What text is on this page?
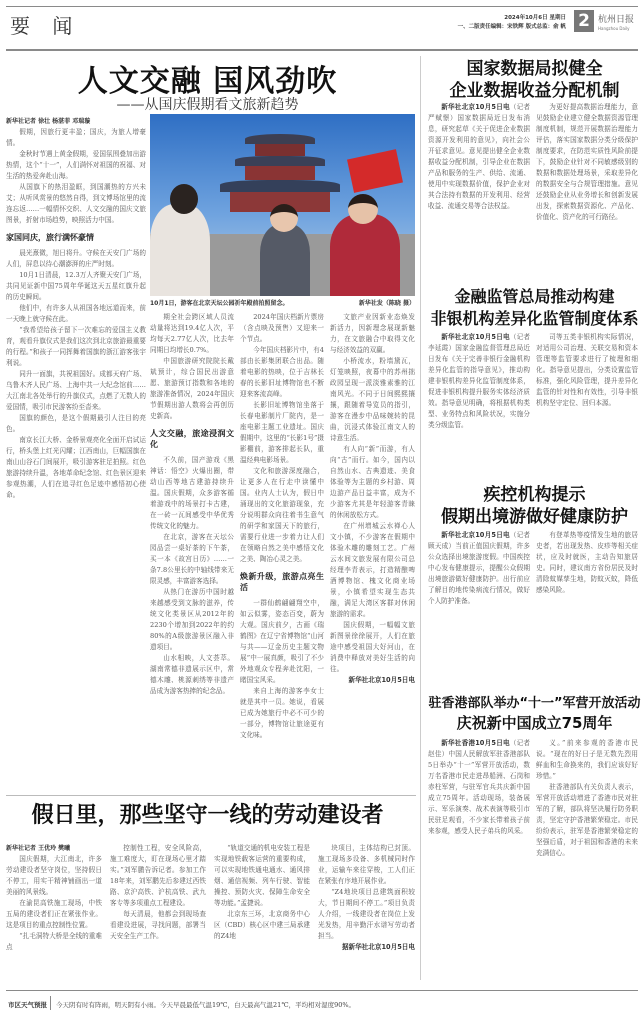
要 闻	2024年10月6日 星期日
一、二版责任编辑：宋铁辉 版式总监：俞 帆 2 杭州日报
Hangzhou Daily
人文交融 国风劲吹
——从国庆假期看文旅新趋势

新华社记者 徐壮 杨湛菲 邓瑞璇

假期，因旅行更丰盈；国庆，为旅人增豪情。

金秋时节遇上黄金假期，爱国氛围叠加出游热情，这个“十一”，人们满怀对祖国的祝福、对生活的热爱奔赴山海。

从国旗下的热泪盈眶，到国潮热的方兴未艾；从听风赏景的悠然自得，到文博场馆里的流连忘返……一幅情怀交织、人文交融的国庆文旅图景，折射市场趋势，映照活力中国。

家国同庆，旅行满怀豪情

晨光熹微，旭日将升。守候在天安门广场的人们，屏息以待心潮澎湃的庄严时刻。

10月1日清晨，12.3万人齐聚天安门广场，共同见证新中国75周年华诞这天五星红旗升起的历史瞬间。

他们中，有许多人从祖国各地远道而来，前一天晚上就守候在此。

“我希望给孩子留下一次难忘的爱国主义教育，观看升旗仪式是我们这次到北京旅游最重要的行程。”和孩子一同挥舞着国旗的浙江游客张宇利说。

同升一面旗，共祝祖国好。成都天府广场、乌鲁木齐人民广场、上海中共一大纪念馆前……大江南北各处举行的升旗仪式，点燃了无数人的爱国情，吸引市民游客纷至沓来。

国旗的颜色，是这个假期最引人注目的亮色。

南京长江大桥、金桥景观亮化全面开启试运行，桥头堡上红光闪耀；江西南山，巨幅国旗在南山山谷石门间展开，吸引游客驻足拍照。红色旅游持续升温，各地革命纪念馆、红色景区迎来参观热潮，人们在追寻红色足迹中感悟初心使命。

10月1日，游客在北京天坛公园祈年殿前拍照留念。	新华社发（陈晓 摄）

期全社会跨区域人员流动量将达到19.4亿人次，平均每天2.77亿人次，比去年同期日均增长0.7%。

中国旅游研究院院长戴斌预计，综合国民出游意愿、旅游预订指数和各地的旅游准备情况，2024年国庆节假期出游人数将会再创历史新高。

人文交融，旅途浸润文化

不久前，国产游戏《黑神话：悟空》火爆出圈，带动山西等地古建游持续升温。国庆假期，众多游客循着游戏中的场景打卡古建，在一砖一瓦间感受中华优秀传统文化的魅力。

在北京，游客在天坛公园品尝一桌好茶的下午茶，买一本《故宫日历》……一条7.8公里长的中轴线带来无限灵感，丰富游客选择。

从热门在游历中国时越来越感受到文脉的滋养，传统文化类景区从2012年的2230个增加到2022年的约80%的A级旅游景区融入非遗项目。

山水相映，人文荟萃。湖南常德非遗展示区中，常德木雕、桃源刺绣等非遗产品成为游客热捧的纪念品。

2024年国庆档新片票房（含点映及预售）又迎来一个节点。

今年国庆档影片中，有4部由长影集团联合出品。随着电影的热映，位于吉林长春的长影旧址博物馆也不断迎来客流高峰。

长影旧址博物馆坐落于长春电影制片厂院内，是一座电影主题工业遗址。国庆假期中，这里的“长影1号”摄影棚前，游客排起长队，重温经典电影场景。

文化和旅游深度融合，让更多人在行走中读懂中国。业内人士认为，假日中涌现出的文化旅游现象，充分说明群众向往着书生意气的研学和家国天下的旅行，需要行业进一步着力让人们在领略自然之美中感悟文化之美、陶冶心灵之美。

焕新升级，旅游点亮生活

一群仙鹤翩翩翔空中，如云似雾，姿态百变，蔚为大观。国庆前夕，古画《瑞鹤图》在辽宁省博物馆“山河与共——辽金历史主题文物展”中一展真颜，吸引了不少外地观众专程奔赴沈阳，一睹国宝风采。

来自上海的游客李女士就是其中一员。她说，看展已成为她旅行中必不可少的一部分，博物馆让旅途更有文化味。

文旅产业因新业态焕发新活力，因新理念展现新魅力，在文旅融合中取得文化与经济效益的双赢。

小桥流水，粉墙黛瓦，灯笼映照，夜幕中的苏州拙政园呈现一派淡雅素雅的江南风光。不同于日间熙熙攘攘，跟随着导览员的指引，游客在漫步中品味婉转的昆曲，沉浸式体验江南文人的诗意生活。

有人向“新”而游，有人向“古”而行。如今，国内以自然山水、古典遗迹、美食体验等为主题的乡村游、周边游产品日益丰富，成为不少游客尤其是年轻游客青睐的休闲放松方式。

在广州增城云水禅心人文小镇，不少游客在假期中体验木雕的雕刻工艺。广州云水间文旅发展有限公司总经理李青表示，打造精酿啤酒博物馆、槐文化商业场景，小镇希望实现生态共融，满足大湾区客群对休闲旅游的需求。

国庆假期，一幅幅文旅新图景徐徐展开，人们在旅途中感受祖国大好河山，在消费中释放对美好生活的向往。

新华社北京10月5日电

国家数据局拟健全
企业数据收益分配机制

新华社北京10月5日电（记者 严赋憬）国家数据局近日发布消息，研究起草《关于促进企业数据资源开发利用的意见》，向社会公开征求意见。意见提出健全企业数据收益分配机制，引导企业在数据产品和服务的生产、供给、流通、使用中实现数据价值，保护企业对其合法持有数据的开发利用、经营收益、流通交易等合法权益。

为更好提高数据治理能力，意见鼓励企业建立健全数据资源管理制度机制，规范开展数据治理能力评估，落实国家数据分类分级保护制度要求，在防范实质性风险前提下，鼓励企业针对不同敏感级别的数据和数据处理场景，采取差异化的数据安全与合规管理措施。意见还鼓励企业从业务增长和创新发展出发，探索数据资源化、产品化、价值化、资产化的可行路径。

金融监管总局推动构建
非银机构差异化监管制度体系

新华社北京10月5日电（记者 李延霞）国家金融监督管理总局近日发布《关于完善非银行金融机构差异化监管的指导意见》，推动构建非银机构差异化监管制度体系，促进非银机构提升服务实体经济质效。指导意见明确，将根据机构类型、业务特点和风险状况，实施分类分级监管。

司等五类非银机构实际情况，对适用公司治理、关联交易和资本管理等监管要求进行了梳理和细化。指导意见提出，分类设置监管标准，强化风险管理，提升差异化监管的针对性和有效性，引导非银机构坚守定位、回归本源。

疾控机构提示
假期出境游做好健康防护

新华社北京10月5日电（记者 顾天成）当前正值国庆假期，许多公众选择出境旅游度假。中国疾控中心发布健康提示，提醒公众假期出境旅游做好健康防护。出行前应了解目的地传染病流行情况，做好个人防护准备。

有登革热等疫情发生地的旅居史者，若出现发热、皮疹等相关症状，应及时就医，主动告知旅居史。同时，建议南方省份居民及时清除蚊媒孳生地，防蚊灭蚊，降低感染风险。

驻香港部队举办“十一”军营开放活动
庆祝新中国成立75周年

新华社香港10月5日电（记者 赵佳）中国人民解放军驻香港部队5日举办“十一”军营开放活动，数万名香港市民走进昂船洲、石岗和赤柱军营，与驻军官兵共庆新中国成立75周年。活动现场，装备展示、军乐演奏、战术表演等吸引市民驻足观看，不少家长带着孩子前来参观，感受人民子弟兵的风采。

义。”前来参观的香港市民说。“现在的好日子是无数先烈用鲜血和生命换来的，我们应该好好珍惜。”

驻香港部队有关负责人表示，军营开放活动增进了香港市民对驻军的了解，部队将坚决履行防务职责，坚定守护香港繁荣稳定。市民纷纷表示，驻军是香港繁荣稳定的坚强后盾，对于祖国和香港的未来充满信心。

假日里，那些坚守一线的劳动建设者

新华社记者 王优玲 樊曦

国庆假期，大江南北，许多劳动建设者坚守岗位，坚持假日不停工，用实干精神铺画出一道美丽的风景线。

在渝昆高铁施工现场，中铁五局的建设者们正在紧张作业。这是项目的重点控制性位置。

“扎毛洞特大桥是全线的重难点

控制性工程，安全风险高，施工难度大，盯在现场心里才踏实。”刘军鹏告诉记者。参加工作18年来，刘军鹏先后参建过西铁路、京沪高铁、沪杭高铁、武九客专等多项重点工程建设。

每天清晨，他都会到现场查看建设进展，寻找问题，部署当天安全生产工作。

“轨道交通的机电安装工程是实现地铁载客运营的重要构成，可以实现地铁通电通水、通风排烟、通信视频、列车行驶、智能操控、预防火灾、保障生命安全等功能。”孟捷说。

北京东三环，北京商务中心区（CBD）核心区中建三局承建的Z4地

块项目，主体结构已封顶。施工现场多设备、多机械同时作业，运输车来往穿梭，工人们正在紧张有序地开展作业。

“Z4地块项目总建筑面积较大，节日期间不停工。”项目负责人介绍，一线建设者在岗位上发光发热，用辛勤汗水谱写劳动者担当。

据新华社北京10月5日电

市区天气预报 今天阴有时有阵雨，明天阴有小雨。今天早晨最低气温19℃，白天最高气温21℃，平均相对湿度90%。
